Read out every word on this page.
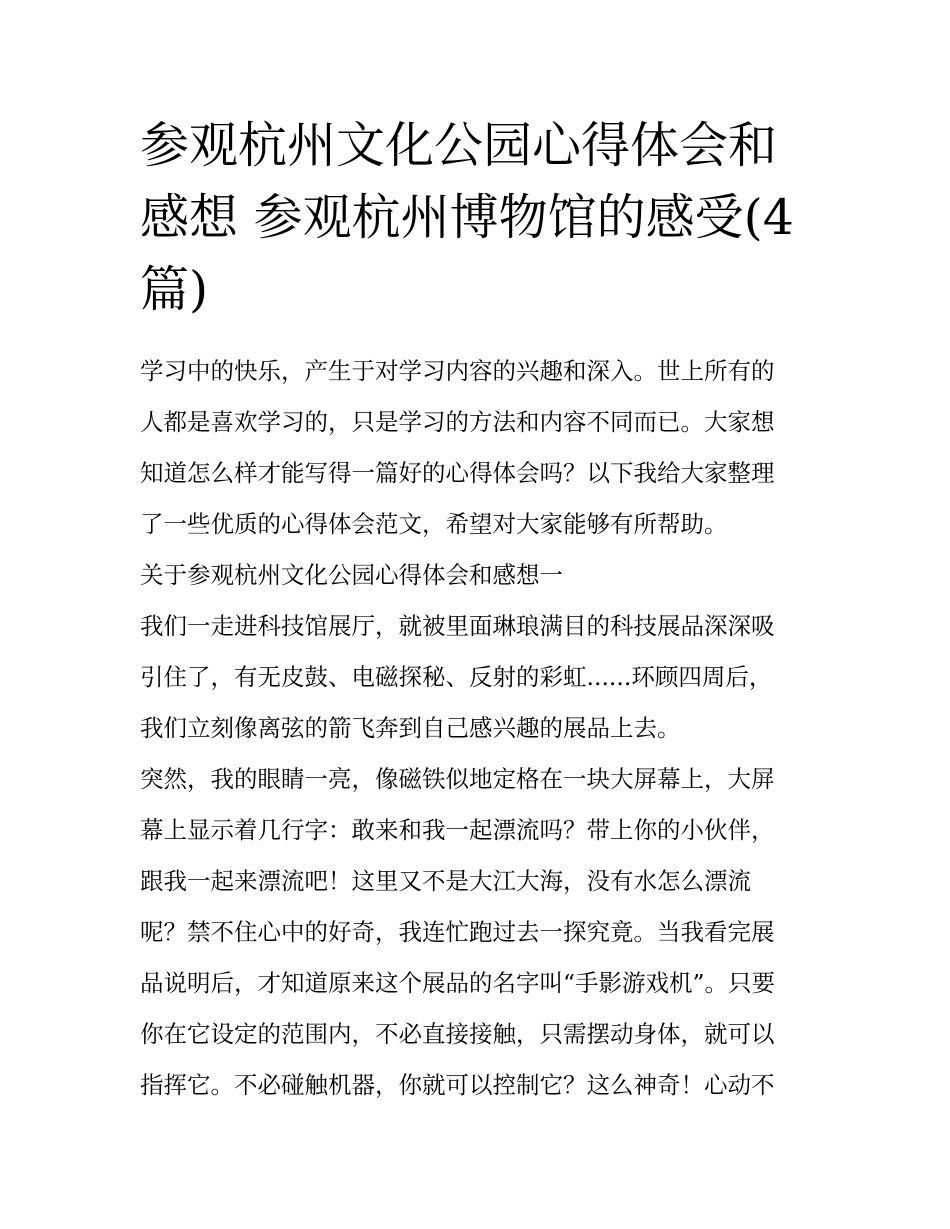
参观杭州文化公园心得体会和
感想 参观杭州博物馆的感受(4
篇)

学习中的快乐，产生于对学习内容的兴趣和深入。世上所有的
人都是喜欢学习的，只是学习的方法和内容不同而已。大家想
知道怎么样才能写得一篇好的心得体会吗？以下我给大家整理
了一些优质的心得体会范文，希望对大家能够有所帮助。

关于参观杭州文化公园心得体会和感想一

我们一走进科技馆展厅，就被里面琳琅满目的科技展品深深吸
引住了，有无皮鼓、电磁探秘、反射的彩虹......环顾四周后，
我们立刻像离弦的箭飞奔到自己感兴趣的展品上去。

突然，我的眼睛一亮，像磁铁似地定格在一块大屏幕上，大屏
幕上显示着几行字：敢来和我一起漂流吗？带上你的小伙伴，
跟我一起来漂流吧！这里又不是大江大海，没有水怎么漂流
呢？禁不住心中的好奇，我连忙跑过去一探究竟。当我看完展
品说明后，才知道原来这个展品的名字叫“手影游戏机”。只要
你在它设定的范围内，不必直接接触，只需摆动身体，就可以
指挥它。不必碰触机器，你就可以控制它？这么神奇！心动不
